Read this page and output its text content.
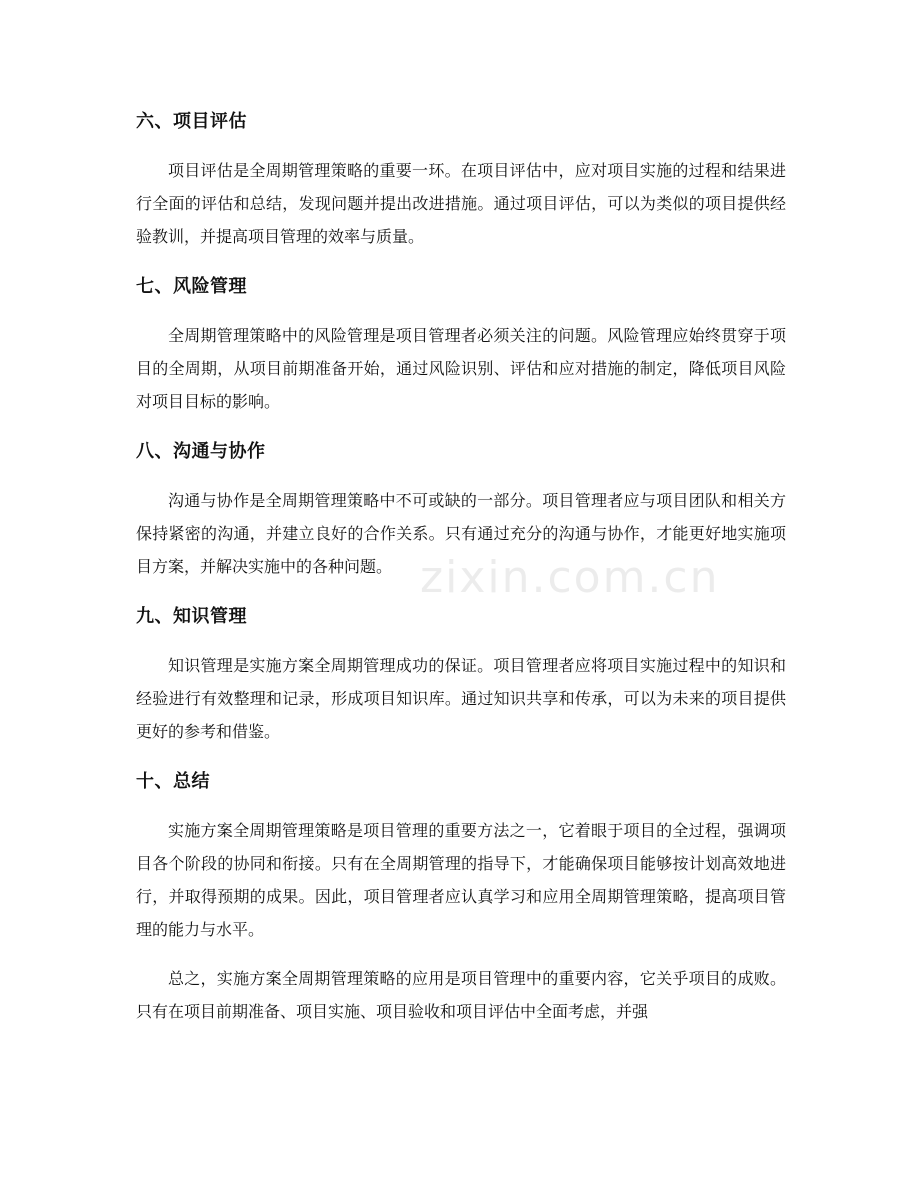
六、项目评估

项目评估是全周期管理策略的重要一环。在项目评估中，应对项目实施的过程和结果进行全面的评估和总结，发现问题并提出改进措施。通过项目评估，可以为类似的项目提供经验教训，并提高项目管理的效率与质量。

七、风险管理

全周期管理策略中的风险管理是项目管理者必须关注的问题。风险管理应始终贯穿于项目的全周期，从项目前期准备开始，通过风险识别、评估和应对措施的制定，降低项目风险对项目目标的影响。

八、沟通与协作

沟通与协作是全周期管理策略中不可或缺的一部分。项目管理者应与项目团队和相关方保持紧密的沟通，并建立良好的合作关系。只有通过充分的沟通与协作，才能更好地实施项目方案，并解决实施中的各种问题。

九、知识管理

知识管理是实施方案全周期管理成功的保证。项目管理者应将项目实施过程中的知识和经验进行有效整理和记录，形成项目知识库。通过知识共享和传承，可以为未来的项目提供更好的参考和借鉴。

十、总结

实施方案全周期管理策略是项目管理的重要方法之一，它着眼于项目的全过程，强调项目各个阶段的协同和衔接。只有在全周期管理的指导下，才能确保项目能够按计划高效地进行，并取得预期的成果。因此，项目管理者应认真学习和应用全周期管理策略，提高项目管理的能力与水平。

总之，实施方案全周期管理策略的应用是项目管理中的重要内容，它关乎项目的成败。只有在项目前期准备、项目实施、项目验收和项目评估中全面考虑，并强

zixin.com.cn
